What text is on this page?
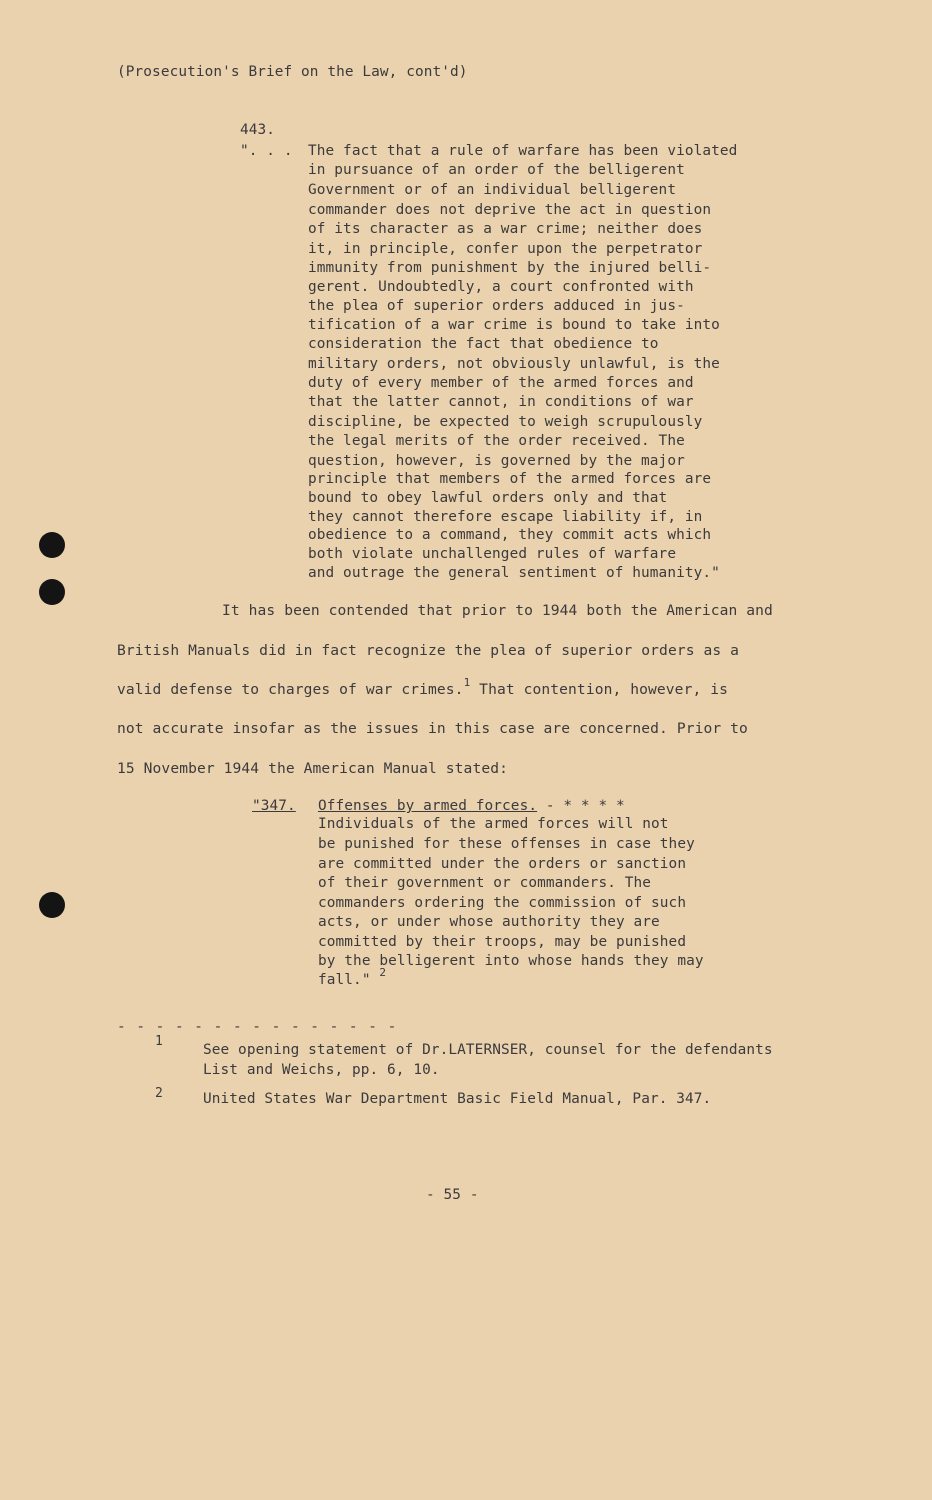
(Prosecution's Brief on the Law, cont'd)
443.
". . . The fact that a rule of warfare has been violated
in pursuance of an order of the belligerent
Government or of an individual belligerent
commander does not deprive the act in question
of its character as a war crime; neither does
it, in principle, confer upon the perpetrator
immunity from punishment by the injured belli-
gerent. Undoubtedly, a court confronted with
the plea of superior orders adduced in jus-
tification of a war crime is bound to take into
consideration the fact that obedience to
military orders, not obviously unlawful, is the
duty of every member of the armed forces and
that the latter cannot, in conditions of war
discipline, be expected to weigh scrupulously
the legal merits of the order received. The
question, however, is governed by the major
principle that members of the armed forces are
bound to obey lawful orders only and that
they cannot therefore escape liability if, in
obedience to a command, they commit acts which
both violate unchallenged rules of warfare
and outrage the general sentiment of humanity."
It has been contended that prior to 1944 both the American and
British Manuals did in fact recognize the plea of superior orders as a
valid defense to charges of war crimes.$^1$ That contention, however, is
not accurate insofar as the issues in this case are concerned. Prior to
15 November 1944 the American Manual stated:
"347. Offenses by armed forces. - * * * *
Individuals of the armed forces will not
be punished for these offenses in case they
are committed under the orders or sanction
of their government or commanders. The
commanders ordering the commission of such
acts, or under whose authority they are
committed by their troops, may be punished
by the belligerent into whose hands they may
fall." $^2$
- - - - - - - - - - - - - - -
1
See opening statement of Dr.LATERNSER, counsel for the defendants
List and Weichs, pp. 6, 10.
2	United States War Department Basic Field Manual, Par. 347.
- 55 -
